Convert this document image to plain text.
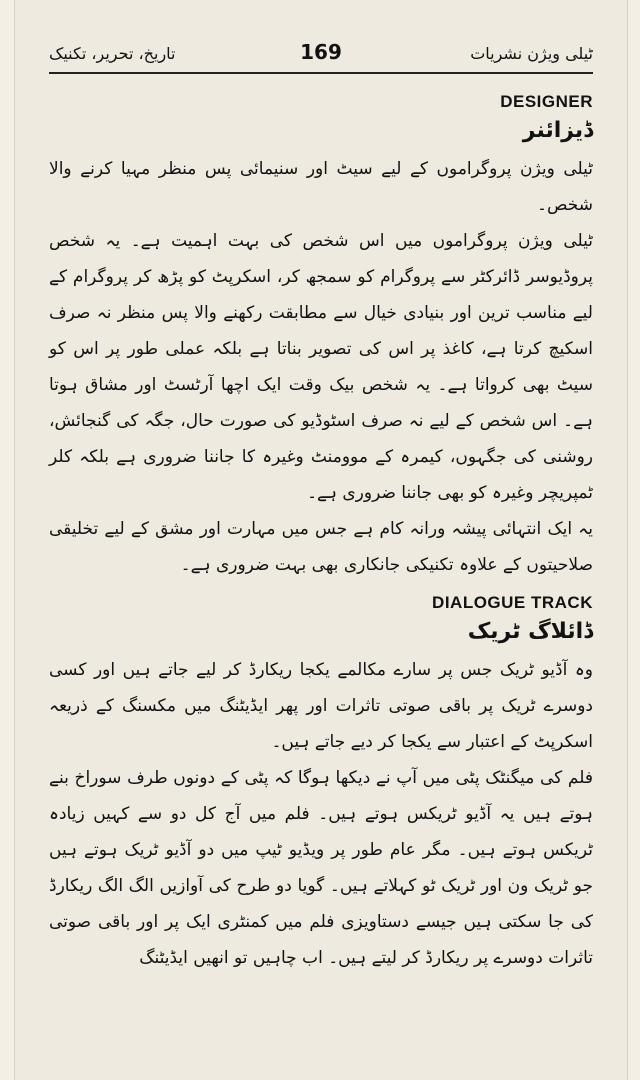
تاریخ، تحریر، تکنیک	169	ٹیلی ویژن نشریات
DESIGNER
ڈیزائنر

ٹیلی ویژن پروگراموں کے لیے سیٹ اور سنیمائی پس منظر مہیا کرنے والا شخص۔

ٹیلی ویژن پروگراموں میں اس شخص کی بہت اہمیت ہے۔ یہ شخص پروڈیوسر ڈائرکٹر سے پروگرام کو سمجھ کر، اسکرپٹ کو پڑھ کر پروگرام کے لیے مناسب ترین اور بنیادی خیال سے مطابقت رکھنے والا پس منظر نہ صرف اسکیچ کرتا ہے، کاغذ پر اس کی تصویر بناتا ہے بلکہ عملی طور پر اس کو سیٹ بھی کرواتا ہے۔ یہ شخص بیک وقت ایک اچھا آرٹسٹ اور مشاق ہوتا ہے۔ اس شخص کے لیے نہ صرف اسٹوڈیو کی صورت حال، جگہ کی گنجائش، روشنی کی جگہوں، کیمرہ کے موومنٹ وغیرہ کا جاننا ضروری ہے بلکہ کلر ٹمپریچر وغیرہ کو بھی جاننا ضروری ہے۔

یہ ایک انتہائی پیشہ ورانہ کام ہے جس میں مہارت اور مشق کے لیے تخلیقی صلاحیتوں کے علاوہ تکنیکی جانکاری بھی بہت ضروری ہے۔

DIALOGUE TRACK
ڈائلاگ ٹریک

وہ آڈیو ٹریک جس پر سارے مکالمے یکجا ریکارڈ کر لیے جاتے ہیں اور کسی دوسرے ٹریک پر باقی صوتی تاثرات اور پھر ایڈیٹنگ میں مکسنگ کے ذریعہ اسکرپٹ کے اعتبار سے یکجا کر دیے جاتے ہیں۔

فلم کی میگنٹک پٹی میں آپ نے دیکھا ہوگا کہ پٹی کے دونوں طرف سوراخ بنے ہوتے ہیں یہ آڈیو ٹریکس ہوتے ہیں۔ فلم میں آج کل دو سے کہیں زیادہ ٹریکس ہوتے ہیں۔ مگر عام طور پر ویڈیو ٹیپ میں دو آڈیو ٹریک ہوتے ہیں جو ٹریک ون اور ٹریک ٹو کہلاتے ہیں۔ گویا دو طرح کی آوازیں الگ الگ ریکارڈ کی جا سکتی ہیں جیسے دستاویزی فلم میں کمنٹری ایک پر اور باقی صوتی تاثرات دوسرے پر ریکارڈ کر لیتے ہیں۔ اب چاہیں تو انھیں ایڈیٹنگ
